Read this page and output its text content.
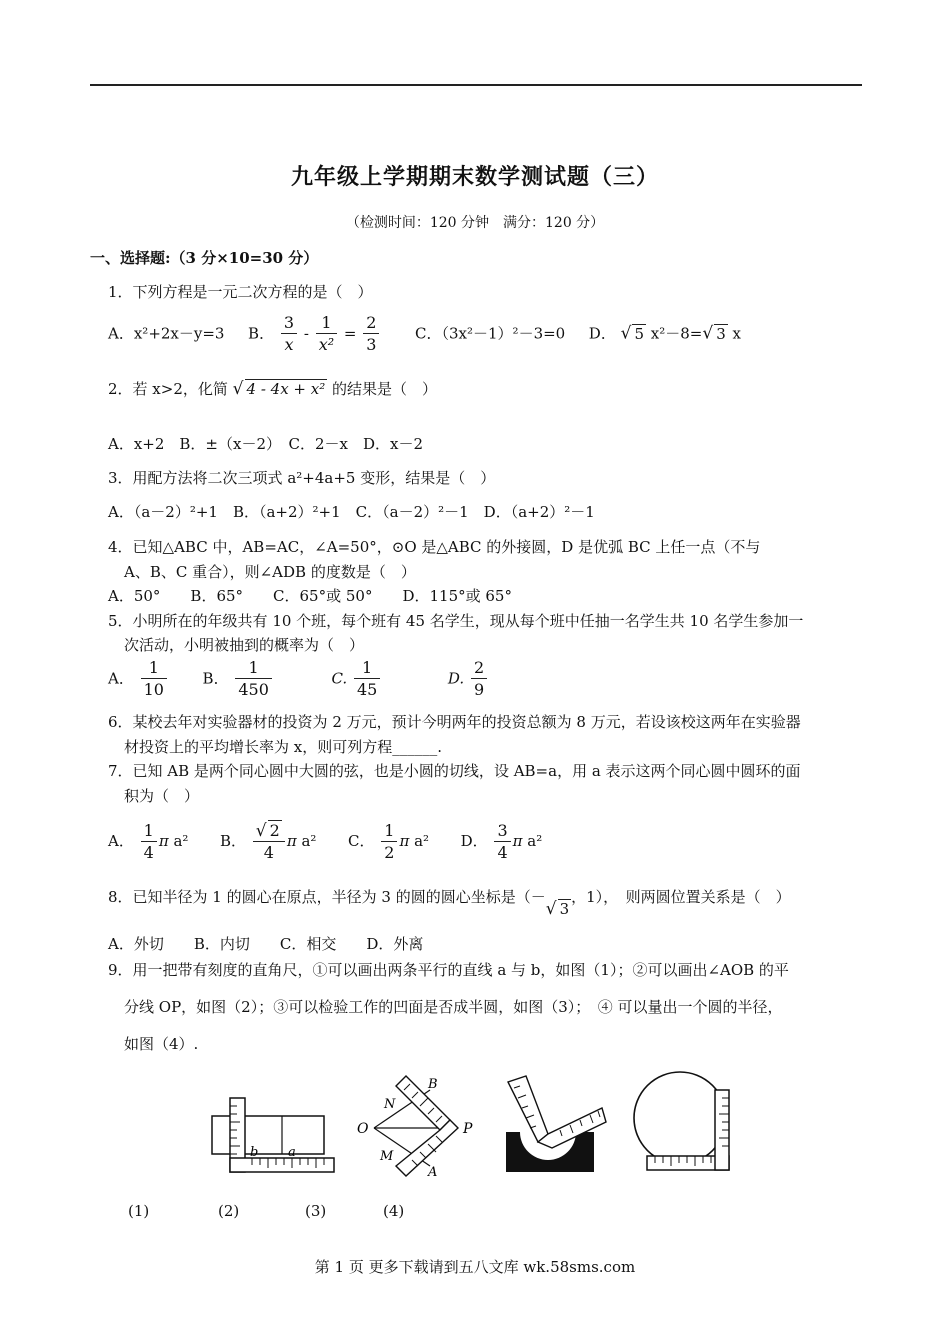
九年级上学期期末数学测试题（三）
（检测时间：120 分钟　满分：120 分）
一、选择题:（3 分×10=30 分）
1．下列方程是一元二次方程的是（　）
A．x²+2x－y=3 B． $\frac{3}{x} - \frac{1}{\text{x²}} = \frac{2}{3}$ C．（3x²－1）²－3=0 D． √ 5 x²－8=√ 3 x
2．若 x>2，化简 √ 4 - 4x + x² 的结果是（　）
A．x+2　B．±（x－2）　C．2－x　D．x－2
3．用配方法将二次三项式 a²+4a+5 变形，结果是（　）
A．（a－2）²+1　B．（a+2）²+1　C．（a－2）²－1　D．（a+2）²－1
4．已知△ABC 中，AB=AC，∠A=50°，⊙O 是△ABC 的外接圆，D 是优弧 BC 上任一点（不与
A、B、C 重合），则∠ADB 的度数是（　）
A．50°　　B．65°　　C．65°或 50°　　D．115°或 65°
5．小明所在的年级共有 10 个班，每个班有 45 名学生，现从每个班中任抽一名学生共 10 名学生参加一
次活动，小明被抽到的概率为（　）
A． $\frac{1}{10}$ B． $\frac{1}{450}$	C. $\frac{1}{45}$	D. $\frac{2}{9}$
6．某校去年对实验器材的投资为 2 万元，预计今明两年的投资总额为 8 万元，若设该校这两年在实验器
材投资上的平均增长率为 x，则可列方程______.
7．已知 AB 是两个同心圆中大圆的弦，也是小圆的切线，设 AB=a，用 a 表示这两个同心圆中圆环的面
积为（　）
A． $\frac{1}{4}$ π a² B． $\frac{√ 2}{4}$ π a² C． $\frac{1}{2}$ π a² D． $\frac{3}{4}$ π a²
8．已知半径为 1 的圆心在原点，半径为 3 的圆的圆心坐标是（－√ 3，1），　则两圆位置关系是（　）
A．外切　　B．内切　　C．相交　　D．外离
9．用一把带有刻度的直角尺，①可以画出两条平行的直线 a 与 b，如图（1）；②可以画出∠AOB 的平
分线 OP，如图（2）；③可以检验工作的凹面是否成半圆，如图（3）；　④ 可以量出一个圆的半径，
如图（4）.
b a
O	P
N
M
B
A
(1)	(2)	(3)	(4)
第 1 页 更多下载请到五八文库 wk.58sms.com
